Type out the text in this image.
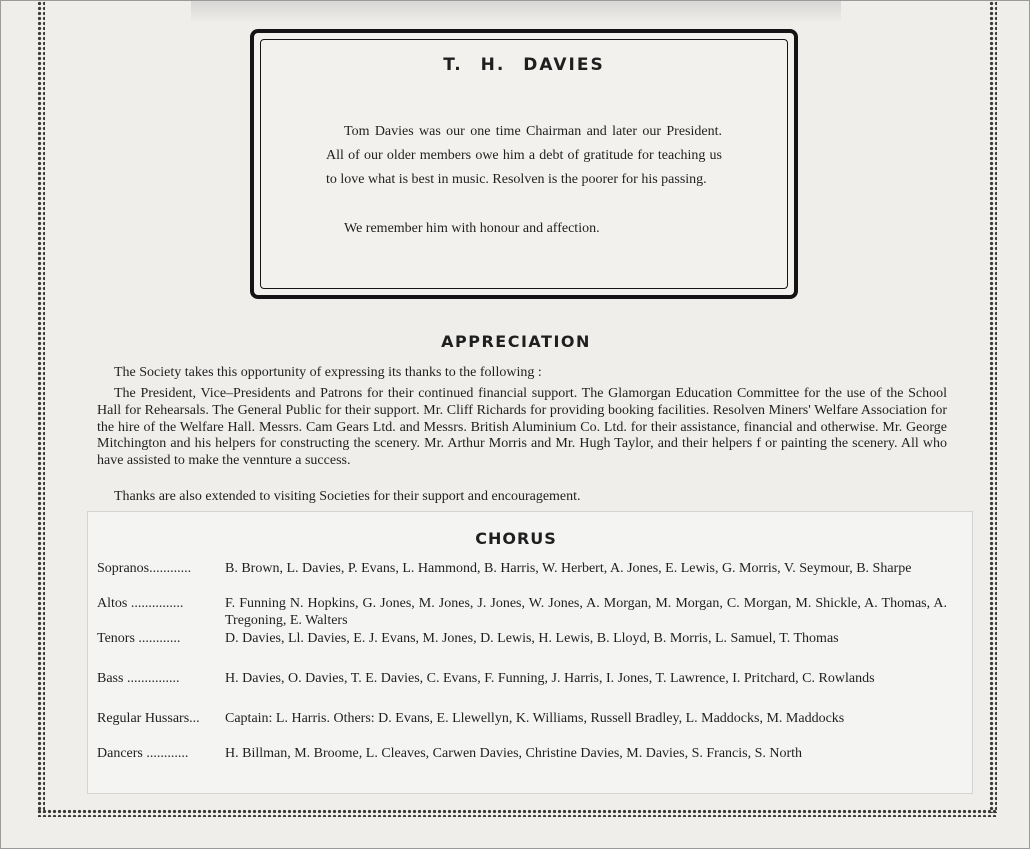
T. H. DAVIES
Tom Davies was our one time Chairman and later our President. All of our older members owe him a debt of gratitude for teaching us to love what is best in music. Resolven is the poorer for his passing.
We remember him with honour and affection.
APPRECIATION
The Society takes this opportunity of expressing its thanks to the following :
The President, Vice–Presidents and Patrons for their continued financial support. The Glamorgan Education Committee for the use of the School Hall for Rehearsals. The General Public for their support. Mr. Cliff Richards for providing booking facilities. Resolven Miners' Welfare Association for the hire of the Welfare Hall. Messrs. Cam Gears Ltd. and Messrs. British Aluminium Co. Ltd. for their assistance, financial and otherwise. Mr. George Mitchington and his helpers for constructing the scenery. Mr. Arthur Morris and Mr. Hugh Taylor, and their helpers f or painting the scenery. All who have assisted to make the vennture a success.
Thanks are also extended to visiting Societies for their support and encouragement.
CHORUS
Sopranos............ B. Brown, L. Davies, P. Evans, L. Hammond, B. Harris, W. Herbert, A. Jones, E. Lewis, G. Morris, V. Seymour, B. Sharpe
Altos ...............	F. Funning N. Hopkins, G. Jones, M. Jones, J. Jones, W. Jones, A. Morgan, M. Morgan, C. Morgan, M. Shickle, A. Thomas, A. Tregoning, E. Walters
Tenors ............	D. Davies, Ll. Davies, E. J. Evans, M. Jones, D. Lewis, H. Lewis, B. Lloyd, B. Morris, L. Samuel, T. Thomas
Bass ...............	H. Davies, O. Davies, T. E. Davies, C. Evans, F. Funning, J. Harris, I. Jones, T. Lawrence, I. Pritchard, C. Rowlands
Regular Hussars... Captain: L. Harris. Others: D. Evans, E. Llewellyn, K. Williams, Russell Bradley, L. Maddocks, M. Maddocks
Dancers ............	H. Billman, M. Broome, L. Cleaves, Carwen Davies, Christine Davies, M. Davies, S. Francis, S. North
